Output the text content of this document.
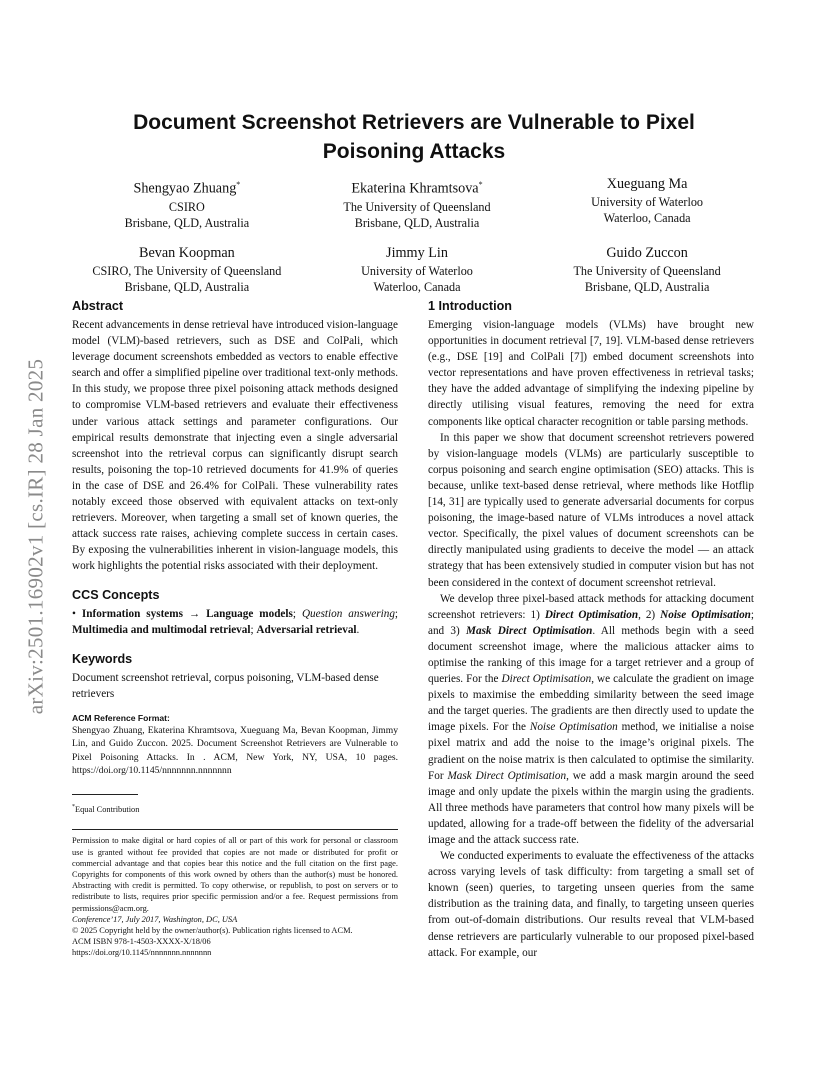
arXiv:2501.16902v1 [cs.IR] 28 Jan 2025
Document Screenshot Retrievers are Vulnerable to Pixel Poisoning Attacks
Shengyao Zhuang*
CSIRO
Brisbane, QLD, Australia
Ekaterina Khramtsova*
The University of Queensland
Brisbane, QLD, Australia
Xueguang Ma
University of Waterloo
Waterloo, Canada
Bevan Koopman
CSIRO, The University of Queensland
Brisbane, QLD, Australia
Jimmy Lin
University of Waterloo
Waterloo, Canada
Guido Zuccon
The University of Queensland
Brisbane, QLD, Australia
Abstract

Recent advancements in dense retrieval have introduced vision-language model (VLM)-based retrievers, such as DSE and ColPali, which leverage document screenshots embedded as vectors to enable effective search and offer a simplified pipeline over traditional text-only methods. In this study, we propose three pixel poisoning attack methods designed to compromise VLM-based retrievers and evaluate their effectiveness under various attack settings and parameter configurations. Our empirical results demonstrate that injecting even a single adversarial screenshot into the retrieval corpus can significantly disrupt search results, poisoning the top-10 retrieved documents for 41.9% of queries in the case of DSE and 26.4% for ColPali. These vulnerability rates notably exceed those observed with equivalent attacks on text-only retrievers. Moreover, when targeting a small set of known queries, the attack success rate raises, achieving complete success in certain cases. By exposing the vulnerabilities inherent in vision-language models, this work highlights the potential risks associated with their deployment.

CCS Concepts

• Information systems → Language models; Question answering; Multimedia and multimodal retrieval; Adversarial retrieval.

Keywords

Document screenshot retrieval, corpus poisoning, VLM-based dense retrievers

ACM Reference Format:

Shengyao Zhuang, Ekaterina Khramtsova, Xueguang Ma, Bevan Koopman, Jimmy Lin, and Guido Zuccon. 2025. Document Screenshot Retrievers are Vulnerable to Pixel Poisoning Attacks. In . ACM, New York, NY, USA, 10 pages. https://doi.org/10.1145/nnnnnnn.nnnnnnn

*Equal Contribution

Permission to make digital or hard copies of all or part of this work for personal or classroom use is granted without fee provided that copies are not made or distributed for profit or commercial advantage and that copies bear this notice and the full citation on the first page. Copyrights for components of this work owned by others than the author(s) must be honored. Abstracting with credit is permitted. To copy otherwise, or republish, to post on servers or to redistribute to lists, requires prior specific permission and/or a fee. Request permissions from permissions@acm.org.

Conference’17, July 2017, Washington, DC, USA

© 2025 Copyright held by the owner/author(s). Publication rights licensed to ACM.

ACM ISBN 978-1-4503-XXXX-X/18/06

https://doi.org/10.1145/nnnnnnn.nnnnnnn

1 Introduction

Emerging vision-language models (VLMs) have brought new opportunities in document retrieval [7, 19]. VLM-based dense retrievers (e.g., DSE [19] and ColPali [7]) embed document screenshots into vector representations and have proven effectiveness in retrieval tasks; they have the added advantage of simplifying the indexing pipeline by directly utilising visual features, removing the need for extra components like optical character recognition or table parsing methods.

In this paper we show that document screenshot retrievers powered by vision-language models (VLMs) are particularly susceptible to corpus poisoning and search engine optimisation (SEO) attacks. This is because, unlike text-based dense retrieval, where methods like Hotflip [14, 31] are typically used to generate adversarial documents for corpus poisoning, the image-based nature of VLMs introduces a novel attack vector. Specifically, the pixel values of document screenshots can be directly manipulated using gradients to deceive the model — an attack strategy that has been extensively studied in computer vision but has not been considered in the context of document screenshot retrieval.

We develop three pixel-based attack methods for attacking document screenshot retrievers: 1) Direct Optimisation, 2) Noise Optimisation; and 3) Mask Direct Optimisation. All methods begin with a seed document screenshot image, where the malicious attacker aims to optimise the ranking of this image for a target retriever and a group of queries. For the Direct Optimisation, we calculate the gradient on image pixels to maximise the embedding similarity between the seed image and the target queries. The gradients are then directly used to update the image pixels. For the Noise Optimisation method, we initialise a noise pixel matrix and add the noise to the image’s original pixels. The gradient on the noise matrix is then calculated to optimise the similarity. For Mask Direct Optimisation, we add a mask margin around the seed image and only update the pixels within the margin using the gradients. All three methods have parameters that control how many pixels will be updated, allowing for a trade-off between the fidelity of the adversarial image and the attack success rate.

We conducted experiments to evaluate the effectiveness of the attacks across varying levels of task difficulty: from targeting a small set of known (seen) queries, to targeting unseen queries from the same distribution as the training data, and finally, to targeting unseen queries from out-of-domain distributions. Our results reveal that VLM-based dense retrievers are particularly vulnerable to our proposed pixel-based attack. For example, our
